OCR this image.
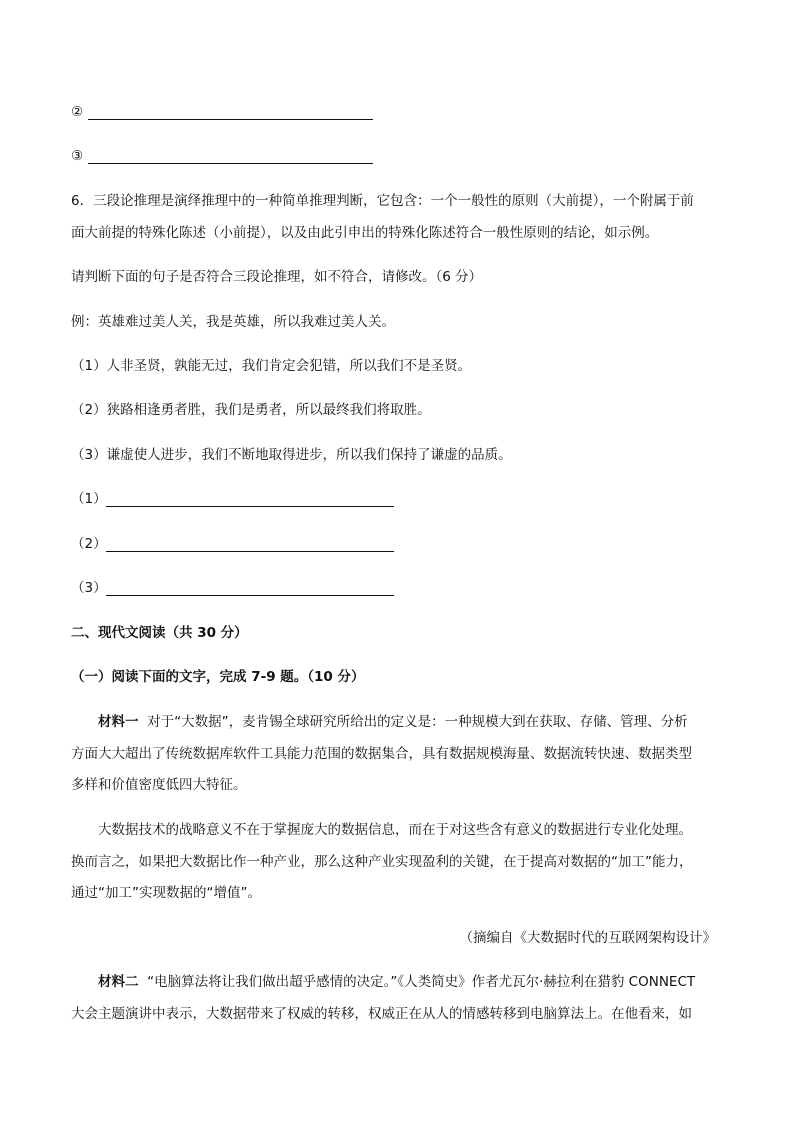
②
③
6．三段论推理是演绎推理中的一种简单推理判断，它包含：一个一般性的原则（大前提），一个附属于前
面大前提的特殊化陈述（小前提），以及由此引申出的特殊化陈述符合一般性原则的结论，如示例。
请判断下面的句子是否符合三段论推理，如不符合，请修改。（6 分）
例：英雄难过美人关，我是英雄，所以我难过美人关。
（1）人非圣贤，孰能无过，我们肯定会犯错，所以我们不是圣贤。
（2）狭路相逢勇者胜，我们是勇者，所以最终我们将取胜。
（3）谦虚使人进步，我们不断地取得进步，所以我们保持了谦虚的品质。
（1）
（2）
（3）
二、现代文阅读（共 30 分）
（一）阅读下面的文字，完成 7-9 题。（10 分）
材料一 对于“大数据”，麦肯锡全球研究所给出的定义是：一种规模大到在获取、存储、管理、分析
方面大大超出了传统数据库软件工具能力范围的数据集合，具有数据规模海量、数据流转快速、数据类型
多样和价值密度低四大特征。
大数据技术的战略意义不在于掌握庞大的数据信息，而在于对这些含有意义的数据进行专业化处理。
换而言之，如果把大数据比作一种产业，那么这种产业实现盈利的关键，在于提高对数据的“加工”能力，
通过“加工”实现数据的“增值”。
（摘编自《大数据时代的互联网架构设计》
材料二 “电脑算法将让我们做出超乎感情的决定。”《人类简史》作者尤瓦尔·赫拉利在猎豹 CONNECT
大会主题演讲中表示，大数据带来了权威的转移，权威正在从人的情感转移到电脑算法上。在他看来，如
